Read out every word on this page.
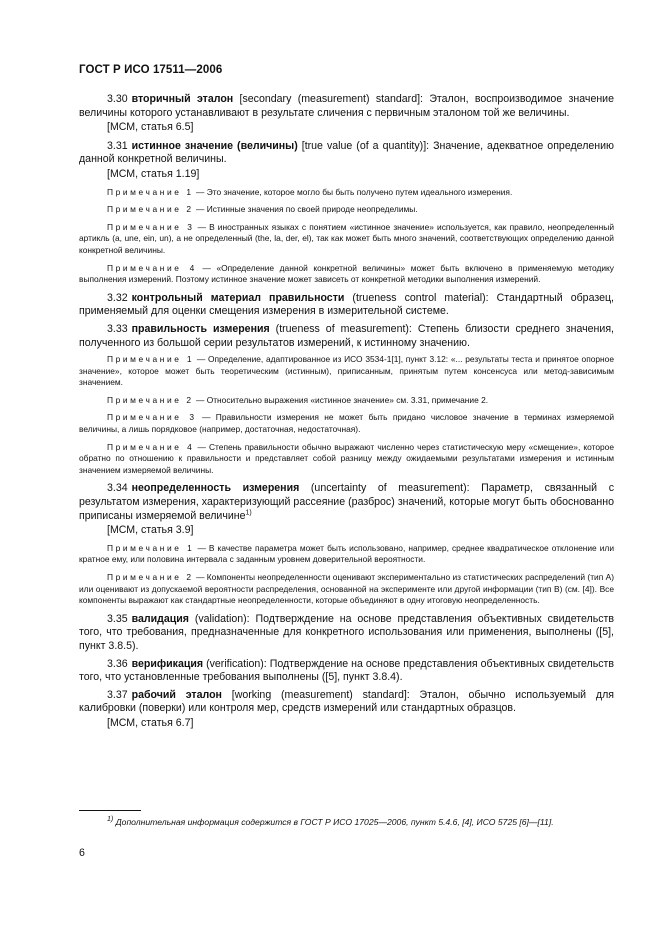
ГОСТ Р ИСО 17511—2006

3.30 вторичный эталон [secondary (measurement) standard]: Эталон, воспроизводимое значение величины которого устанавливают в результате сличения с первичным эталоном той же величины.

[МСМ, статья 6.5]

3.31 истинное значение (величины) [true value (of a quantity)]: Значение, адекватное определению данной конкретной величины.

[МСМ, статья 1.19]

Примечание 1 — Это значение, которое могло бы быть получено путем идеального измерения.

Примечание 2 — Истинные значения по своей природе неопределимы.

Примечание 3 — В иностранных языках с понятием «истинное значение» используется, как правило, неопределенный артикль (a, une, ein, un), а не определенный (the, la, der, el), так как может быть много значений, соответствующих определению данной конкретной величины.

Примечание 4 — «Определение данной конкретной величины» может быть включено в применяемую методику выполнения измерений. Поэтому истинное значение может зависеть от конкретной методики выполнения измерений.

3.32 контрольный материал правильности (trueness control material): Стандартный образец, применяемый для оценки смещения измерения в измерительной системе.

3.33 правильность измерения (trueness of measurement): Степень близости среднего значения, полученного из большой серии результатов измерений, к истинному значению.

Примечание 1 — Определение, адаптированное из ИСО 3534-1[1], пункт 3.12: «... результаты теста и принятое опорное значение», которое может быть теоретическим (истинным), приписанным, принятым путем консенсуса или метод-зависимым значением.

Примечание 2 — Относительно выражения «истинное значение» см. 3.31, примечание 2.

Примечание 3 — Правильности измерения не может быть придано числовое значение в терминах измеряемой величины, а лишь порядковое (например, достаточная, недостаточная).

Примечание 4 — Степень правильности обычно выражают численно через статистическую меру «смещение», которое обратно по отношению к правильности и представляет собой разницу между ожидаемыми результатами измерения и истинным значением измеряемой величины.

3.34 неопределенность измерения (uncertainty of measurement): Параметр, связанный с результатом измерения, характеризующий рассеяние (разброс) значений, которые могут быть обоснованно приписаны измеряемой величине$^{1)}$

[МСМ, статья 3.9]

Примечание 1 — В качестве параметра может быть использовано, например, среднее квадратическое отклонение или кратное ему, или половина интервала с заданным уровнем доверительной вероятности.

Примечание 2 — Компоненты неопределенности оценивают экспериментально из статистических распределений (тип A) или оценивают из допускаемой вероятности распределения, основанной на эксперименте или другой информации (тип B) (см. [4]). Все компоненты выражают как стандартные неопределенности, которые объединяют в одну итоговую неопределенность.

3.35 валидация (validation): Подтверждение на основе представления объективных свидетельств того, что требования, предназначенные для конкретного использования или применения, выполнены ([5], пункт 3.8.5).

3.36 верификация (verification): Подтверждение на основе представления объективных свидетельств того, что установленные требования выполнены ([5], пункт 3.8.4).

3.37 рабочий эталон [working (measurement) standard]: Эталон, обычно используемый для калибровки (поверки) или контроля мер, средств измерений или стандартных образцов.

[МСМ, статья 6.7]
$^{1)}$ Дополнительная информация содержится в ГОСТ Р ИСО 17025—2006, пункт 5.4.6, [4], ИСО 5725 [6]—[11].
6
